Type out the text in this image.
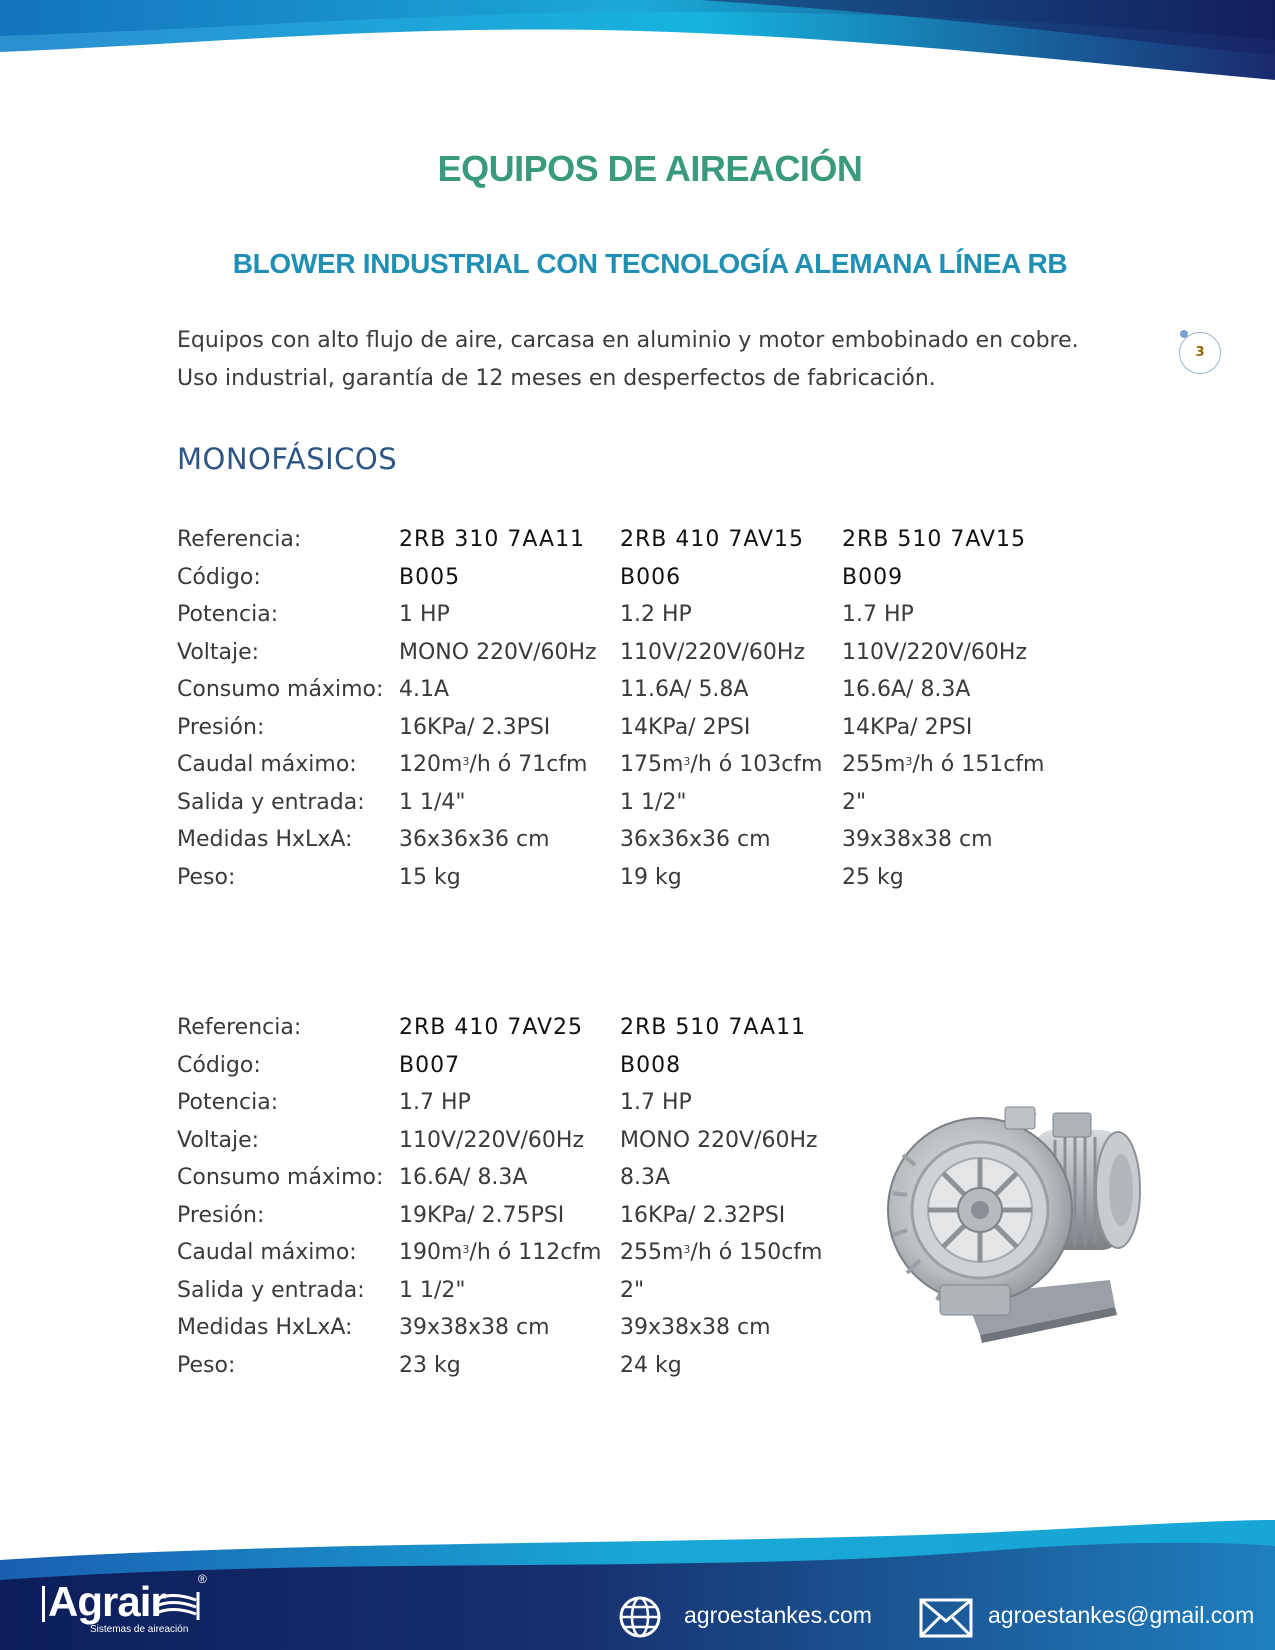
EQUIPOS DE AIREACIÓN
BLOWER INDUSTRIAL CON TECNOLOGÍA ALEMANA LÍNEA RB
Equipos con alto flujo de aire, carcasa en aluminio y motor embobinado en cobre.
Uso industrial, garantía de 12 meses en desperfectos de fabricación.
3
MONOFÁSICOS
Referencia:
Código:
Potencia:
Voltaje:
Consumo máximo:
Presión:
Caudal máximo:
Salida y entrada:
Medidas HxLxA:
Peso:
2RB 310 7AA11
B005
1 HP
MONO 220V/60Hz
4.1A
16KPa/ 2.3PSI
$120m^3/h$ ó 71cfm
1 1/4"
36x36x36 cm
15 kg
2RB 410 7AV15
B006
1.2 HP
110V/220V/60Hz
11.6A/ 5.8A
14KPa/ 2PSI
$175m^3/h$ ó 103cfm
1 1/2"
36x36x36 cm
19 kg
2RB 510 7AV15
B009
1.7 HP
110V/220V/60Hz
16.6A/ 8.3A
14KPa/ 2PSI
$255m^3/h$ ó 151cfm
2"
39x38x38 cm
25 kg
Referencia:
Código:
Potencia:
Voltaje:
Consumo máximo:
Presión:
Caudal máximo:
Salida y entrada:
Medidas HxLxA:
Peso:
2RB 410 7AV25
B007
1.7 HP
110V/220V/60Hz
16.6A/ 8.3A
19KPa/ 2.75PSI
$190m^3/h$ ó 112cfm
1 1/2"
39x38x38 cm
23 kg
2RB 510 7AA11
B008
1.7 HP
MONO 220V/60Hz
8.3A
16KPa/ 2.32PSI
$255m^3/h$ ó 150cfm
2"
39x38x38 cm
24 kg
Agrair	®
Sistemas de aireación
agroestankes.com	agroestankes@gmail.com
